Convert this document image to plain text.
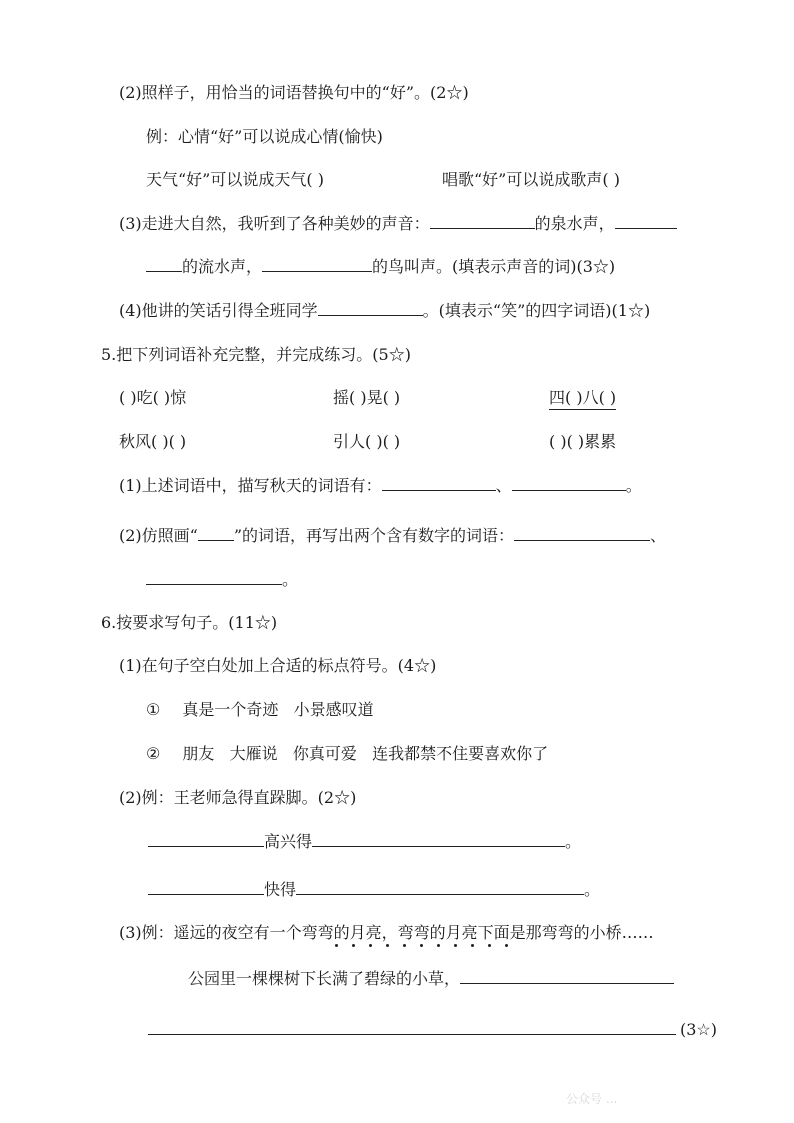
(2)照样子，用恰当的词语替换句中的“好”。(2☆)
例：心情“好”可以说成心情(愉快)
天气“好”可以说成天气( )	唱歌“好”可以说成歌声( )
(3)走进大自然，我听到了各种美妙的声音：	的泉水声，
的流水声，	的鸟叫声。(填表示声音的词)(3☆)
(4)他讲的笑话引得全班同学	。(填表示“笑”的四字词语)(1☆)
5.把下列词语补充完整，并完成练习。(5☆)
( )吃( )惊	摇( )晃( )	四( )八( )
秋风( )( )	引人( )( )	( )( )累累
(1)上述词语中，描写秋天的词语有：	、	。
(2)仿照画“ ”的词语，再写出两个含有数字的词语：	、
。
6.按要求写句子。(11☆)
(1)在句子空白处加上合适的标点符号。(4☆)
① 真是一个奇迹   小景感叹道
② 朋友   大雁说   你真可爱   连我都禁不住要喜欢你了
(2)例：王老师急得直跺脚。(2☆)
高兴得	。
快得	。
(3)例：遥远的夜空有一个弯弯的月亮，弯弯的月亮下面是那弯弯的小桥……
公园里一棵棵树下长满了碧绿的小草，
(3☆)
公众号 ...
